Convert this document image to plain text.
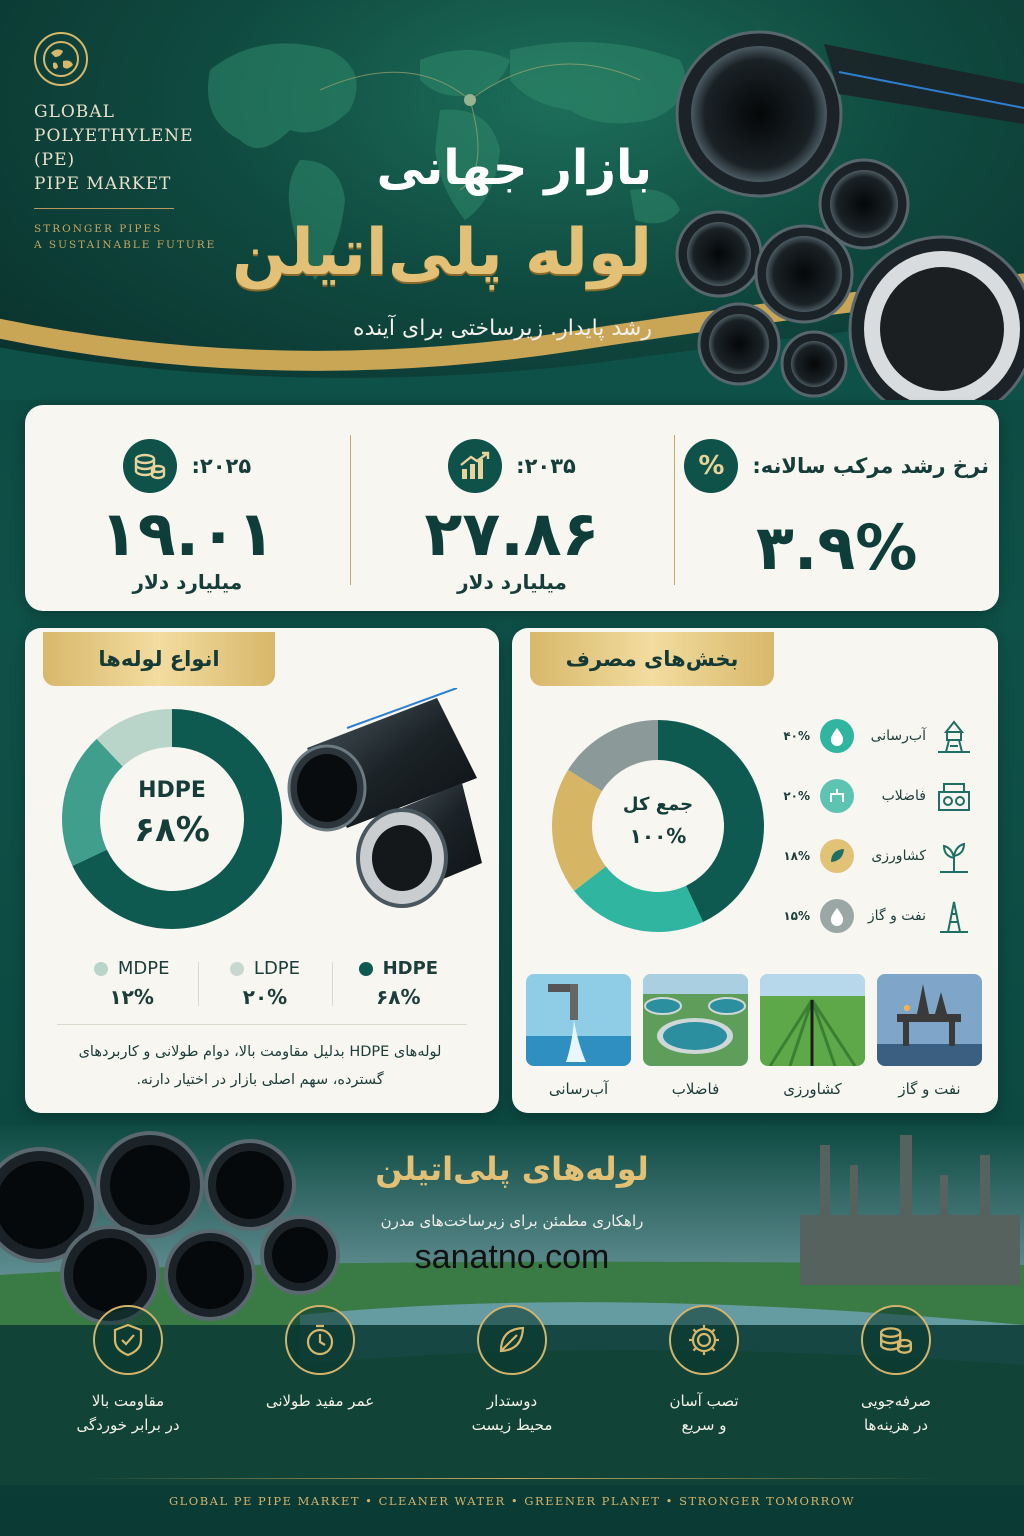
GLOBAL
POLYETHYLENE (PE)
PIPE MARKET
STRONGER PIPES
A SUSTAINABLE FUTURE
بازار جهانی
لوله پلی‌اتیلن
رشد پایدار. زیرساختی برای آینده
۲۰۲۵:
۱۹.۰۱
میلیارد دلار
۲۰۳۵:
۲۷.۸۶
میلیارد دلار
نرخ رشد مرکب سالانه:
%
۳.۹%
انواع لوله‌ها
HDPE
۶۸%
MDPE
۱۲%
LDPE
۲۰%
HDPE
۶۸%
لوله‌های HDPE بدلیل مقاومت بالا، دوام طولانی و کاربردهای گسترده، سهم اصلی بازار در اختیار دارنه.
بخش‌های مصرف
جمع کل
۱۰۰%
آب‌رسانی
۴۰%
فاضلاب
۲۰%
کشاورزی
۱۸%
نفت و گاز
۱۵%
آب‌رسانی	فاضلاب	کشاورزی	نفت و گاز
لوله‌های پلی‌اتیلن
راهکاری مطمئن برای زیرساخت‌های مدرن
sanatno.com
صرفه‌جویی
در هزینه‌ها
تصب آسان
و سریع
دوستدار
محیط زیست
عمر مفید طولانی
مقاومت بالا
در برابر خوردگی
GLOBAL PE PIPE MARKET • CLEANER WATER • GREENER PLANET • STRONGER TOMORROW
